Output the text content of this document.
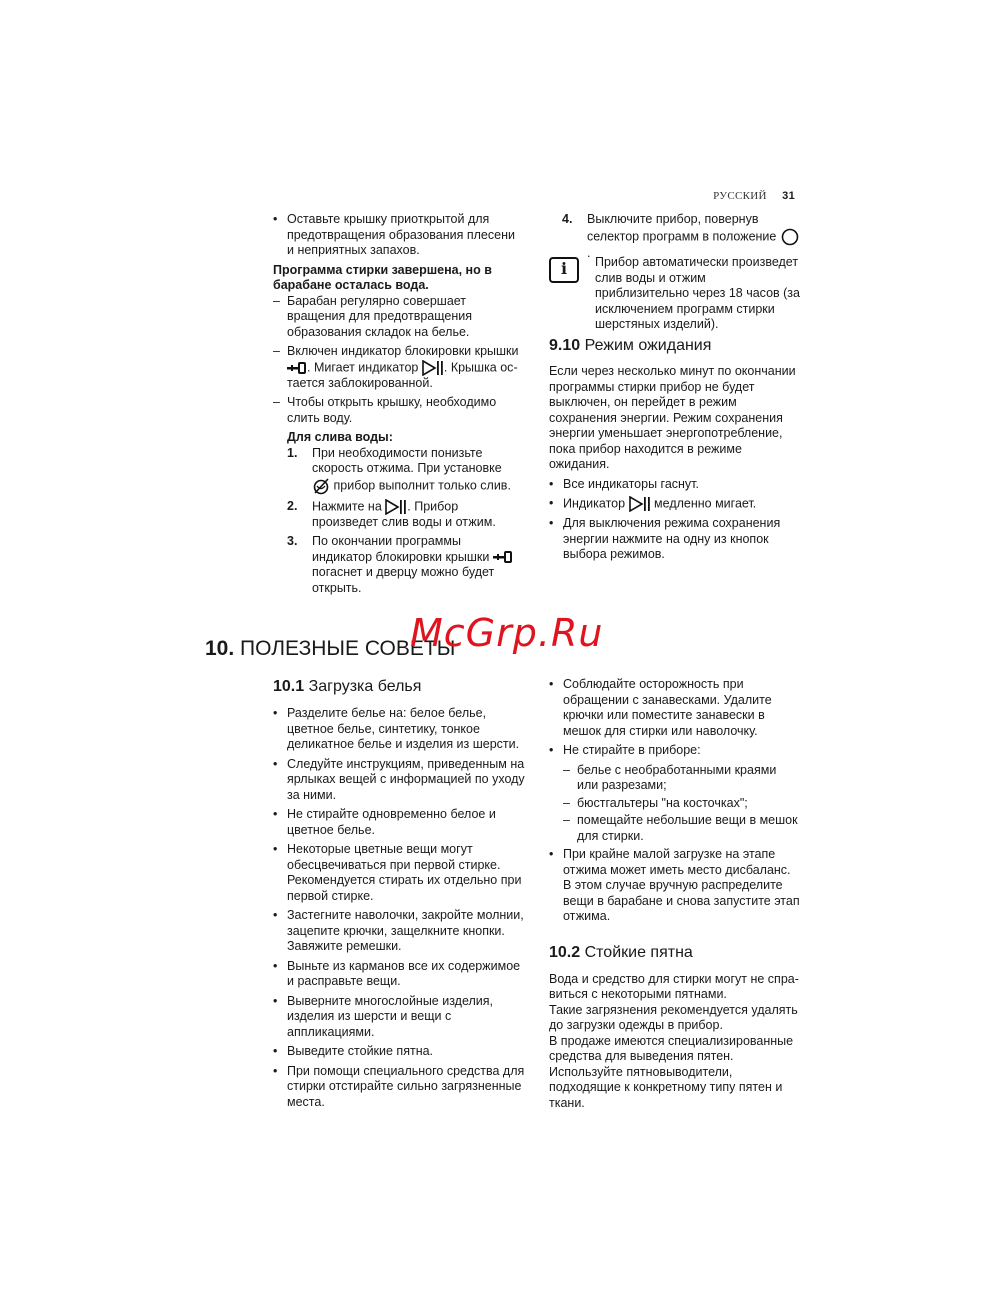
РУССКИЙ 31
• Оставьте крышку приоткрытой для предотвращения образования плесени и неприятных запахов.

Программа стирки завершена, но в барабане осталась вода.

– Барабан регулярно совершает вращения для предотвращения образования складок на белье.
– Включен индикатор блокировки крышки . Мигает индикатор . Крышка остается заблокированной.
– Чтобы открыть крышку, необходимо слить воду.

Для слива воды:

1. При необходимости понизьте скорость отжима. При установке  прибор выполнит только слив.
2. Нажмите на . Прибор произведет слив воды и отжим.
3. По окончании программы индикатор блокировки крышки  погаснет и дверцу можно будет открыть.
4. Выключите прибор, повернув селектор программ в положение .
i	Прибор автоматически произведет слив воды и отжим приблизительно через 18 часов (за исключением программ стирки шерстяных изделий).

9.10 Режим ожидания

Если через несколько минут по окончании программы стирки прибор не будет выключен, он перейдет в режим сохранения энергии. Режим сохранения энергии уменьшает энергопотребление, пока прибор находится в режиме ожидания.

• Все индикаторы гаснут.
• Индикатор медленно мигает.
• Для выключения режима сохранения энергии нажмите на одну из кнопок выбора режимов.
10. ПОЛЕЗНЫЕ СОВЕТЫ
McGrp.Ru

10.1 Загрузка белья

• Разделите белье на: белое белье, цветное белье, синтетику, тонкое деликатное белье и изделия из шерсти.
• Следуйте инструкциям, приведенным на ярлыках вещей с информацией по уходу за ними.
• Не стирайте одновременно белое и цветное белье.
• Некоторые цветные вещи могут обесцвечиваться при первой стирке. Рекомендуется стирать их отдельно при первой стирке.
• Застегните наволочки, закройте молнии, зацепите крючки, защелкните кнопки. Завяжите ремешки.
• Выньте из карманов все их содержимое и расправьте вещи.
• Выверните многослойные изделия, изделия из шерсти и вещи с аппликациями.
• Выведите стойкие пятна.
• При помощи специального средства для стирки отстирайте сильно загрязненные места.
• Соблюдайте осторожность при обращении с занавесками. Удалите крючки или поместите занавески в мешок для стирки или наволочку.
• Не стирайте в приборе:
– белье с необработанными краями или разрезами;
– бюстгальтеры "на косточках";
– помещайте небольшие вещи в мешок для стирки.
• При крайне малой загрузке на этапе отжима может иметь место дисбаланс. В этом случае вручную распределите вещи в барабане и снова запустите этап отжима.

10.2 Стойкие пятна

Вода и средство для стирки могут не справиться с некоторыми пятнами.

Такие загрязнения рекомендуется удалять до загрузки одежды в прибор.

В продаже имеются специализированные средства для выведения пятен. Используйте пятновыводители, подходящие к конкретному типу пятен и ткани.
